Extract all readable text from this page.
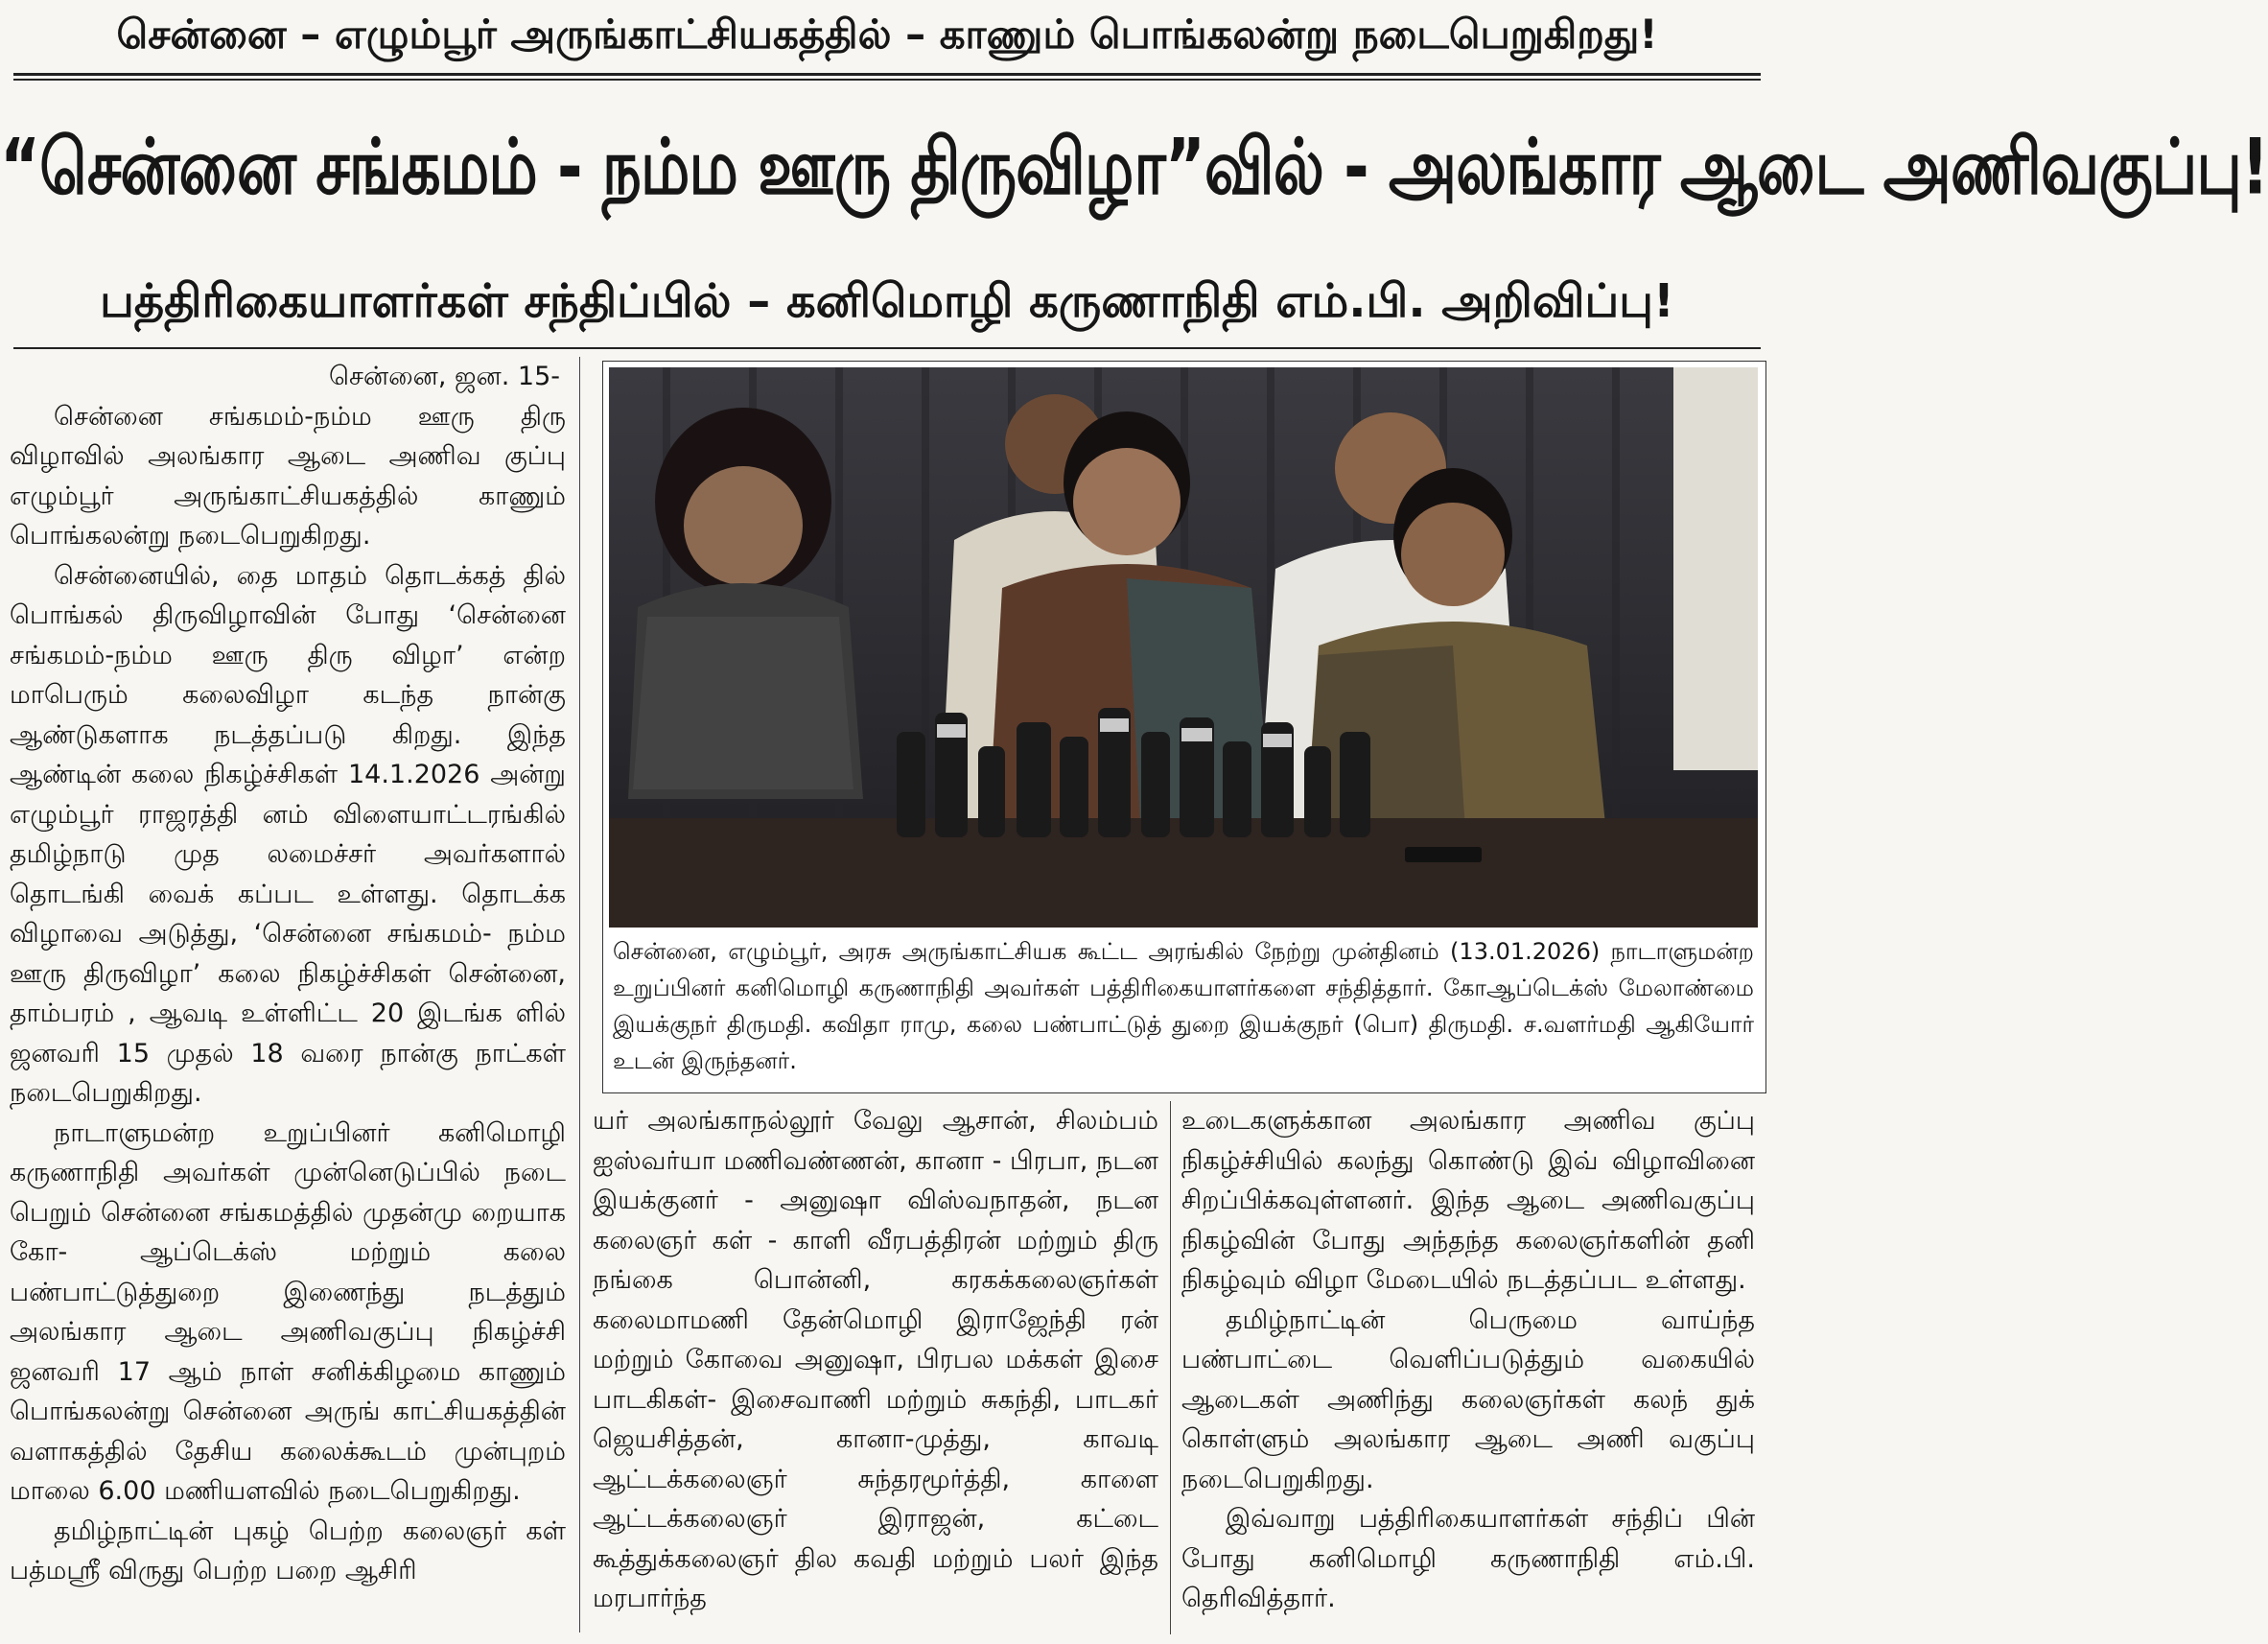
சென்னை – எழும்பூர் அருங்காட்சியகத்தில் – காணும் பொங்கலன்று நடைபெறுகிறது!
“சென்னை சங்கமம் - நம்ம ஊரு திருவிழா”வில் - அலங்கார ஆடை அணிவகுப்பு!
பத்திரிகையாளர்கள் சந்திப்பில் – கனிமொழி கருணாநிதி எம்.பி. அறிவிப்பு!

சென்னை, ஜன. 15-

சென்னை சங்கமம்-நம்ம ஊரு திரு விழாவில் அலங்கார ஆடை அணிவ குப்பு எழும்பூர் அருங்காட்சியகத்தில் காணும் பொங்கலன்று நடைபெறுகிறது.

சென்னையில், தை மாதம் தொடக்கத் தில் பொங்கல் திருவிழாவின் போது ‘சென்னை சங்கமம்-நம்ம ஊரு திரு விழா’ என்ற மாபெரும் கலைவிழா கடந்த நான்கு ஆண்டுகளாக நடத்தப்படு கிறது. இந்த ஆண்டின் கலை நிகழ்ச்சிகள் 14.1.2026 அன்று எழும்பூர் ராஜரத்தி னம் விளையாட்டரங்கில் தமிழ்நாடு முத லமைச்சர் அவர்களால் தொடங்கி வைக் கப்பட உள்ளது. தொடக்க விழாவை அடுத்து, ‘சென்னை சங்கமம்- நம்ம ஊரு திருவிழா’ கலை நிகழ்ச்சிகள் சென்னை, தாம்பரம் , ஆவடி உள்ளிட்ட 20 இடங்க ளில் ஜனவரி 15 முதல் 18 வரை நான்கு நாட்கள் நடைபெறுகிறது.

நாடாளுமன்ற உறுப்பினர் கனிமொழி கருணாநிதி அவர்கள் முன்னெடுப்பில் நடை பெறும் சென்னை சங்கமத்தில் முதன்மு றையாக கோ- ஆப்டெக்ஸ் மற்றும் கலை பண்பாட்டுத்துறை இணைந்து நடத்தும் அலங்கார ஆடை அணிவகுப்பு நிகழ்ச்சி ஜனவரி 17 ஆம் நாள் சனிக்கிழமை காணும் பொங்கலன்று சென்னை அருங் காட்சியகத்தின் வளாகத்தில் தேசிய கலைக்கூடம் முன்புறம் மாலை 6.00 மணியளவில் நடைபெறுகிறது.

தமிழ்நாட்டின் புகழ் பெற்ற கலைஞர் கள் பத்மஸ்ரீ விருது பெற்ற பறை ஆசிரி

சென்னை, எழும்பூர், அரசு அருங்காட்சியக கூட்ட அரங்கில் நேற்று முன்தினம் (13.01.2026) நாடாளுமன்ற உறுப்பினர் கனிமொழி கருணாநிதி அவர்கள் பத்திரிகையாளர்களை சந்தித்தார். கோஆப்டெக்ஸ் மேலாண்மை இயக்குநர் திருமதி. கவிதா ராமு, கலை பண்பாட்டுத் துறை இயக்குநர் (பொ) திருமதி. ச.வளர்மதி ஆகியோர் உடன் இருந்தனர்.

யர் அலங்காநல்லூர் வேலு ஆசான், சிலம்பம் ஐஸ்வர்யா மணிவண்ணன், கானா - பிரபா, நடன இயக்குனர் - அனுஷா விஸ்வநாதன், நடன கலைஞர் கள் - காளி வீரபத்திரன் மற்றும் திரு நங்கை பொன்னி, கரகக்கலைஞர்கள் கலைமாமணி தேன்மொழி இராஜேந்தி ரன் மற்றும் கோவை அனுஷா, பிரபல மக்கள் இசை பாடகிகள்- இசைவாணி மற்றும் சுகந்தி, பாடகர் ஜெயசித்தன், கானா-முத்து, காவடி ஆட்டக்கலைஞர் சுந்தரமூர்த்தி, காளை ஆட்டக்கலைஞர் இராஜன், கட்டை கூத்துக்கலைஞர் தில கவதி மற்றும் பலர் இந்த மரபார்ந்த

உடைகளுக்கான அலங்கார அணிவ குப்பு நிகழ்ச்சியில் கலந்து கொண்டு இவ் விழாவினை சிறப்பிக்கவுள்ளனர். இந்த ஆடை அணிவகுப்பு நிகழ்வின் போது அந்தந்த கலைஞர்களின் தனி நிகழ்வும் விழா மேடையில் நடத்தப்பட உள்ளது.

தமிழ்நாட்டின் பெருமை வாய்ந்த பண்பாட்டை வெளிப்படுத்தும் வகையில் ஆடைகள் அணிந்து கலைஞர்கள் கலந் துக் கொள்ளும் அலங்கார ஆடை அணி வகுப்பு நடைபெறுகிறது.

இவ்வாறு பத்திரிகையாளர்கள் சந்திப் பின் போது கனிமொழி கருணாநிதி எம்.பி. தெரிவித்தார்.
